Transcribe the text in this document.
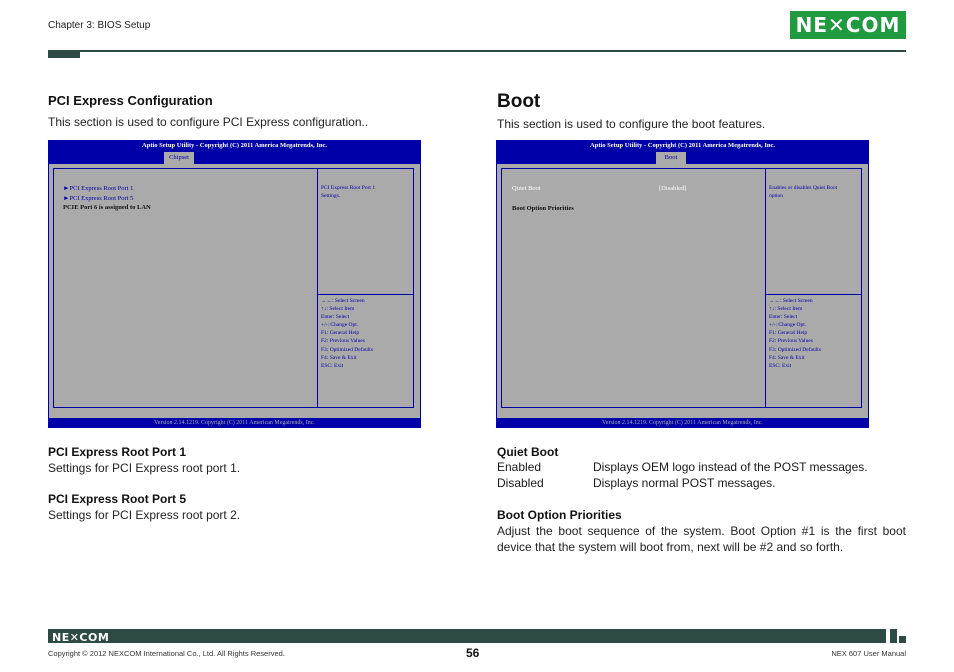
Chapter 3: BIOS Setup	NE✕COM
PCI Express Configuration
This section is used to configure PCI Express configuration..
Aptio Setup Utility - Copyright (C) 2011 America Megatrends, Inc.
Chipset
►PCI Express Root Port 1
►PCI Express Root Port 5
PCIE Port 6 is assigned to LAN
PCI Express Root Port 1
Settings.
→←: Select Screen
↑↓: Select Item
Enter: Select
+/-: Change Opt.
F1: General Help
F2: Previous Values
F3: Optimized Defaults
F4: Save & Exit
ESC: Exit
Version 2.14.1219. Copyright (C) 2011 American Megatrends, Inc.
PCI Express Root Port 1
Settings for PCI Express root port 1.
PCI Express Root Port 5
Settings for PCI Express root port 2.
Boot
This section is used to configure the boot features.
Aptio Setup Utility - Copyright (C) 2011 America Megatrends, Inc.
Boot
Quiet Boot	[Disabled]
Boot Option Priorities
Enables or disables Quiet Boot
option
→←: Select Screen
↑↓: Select Item
Enter: Select
+/-: Change Opt.
F1: General Help
F2: Previous Values
F3: Optimized Defaults
F4: Save & Exit
ESC: Exit
Version 2.14.1219. Copyright (C) 2011 American Megatrends, Inc.
Quiet Boot
Enabled	Displays OEM logo instead of the POST messages.
Disabled	Displays normal POST messages.
Boot Option Priorities
Adjust the boot sequence of the system. Boot Option #1 is the first boot device that the system will boot from, next will be #2 and so forth.
NE✕COM
Copyright © 2012 NEXCOM International Co., Ltd. All Rights Reserved.	56	NEX 607 User Manual
